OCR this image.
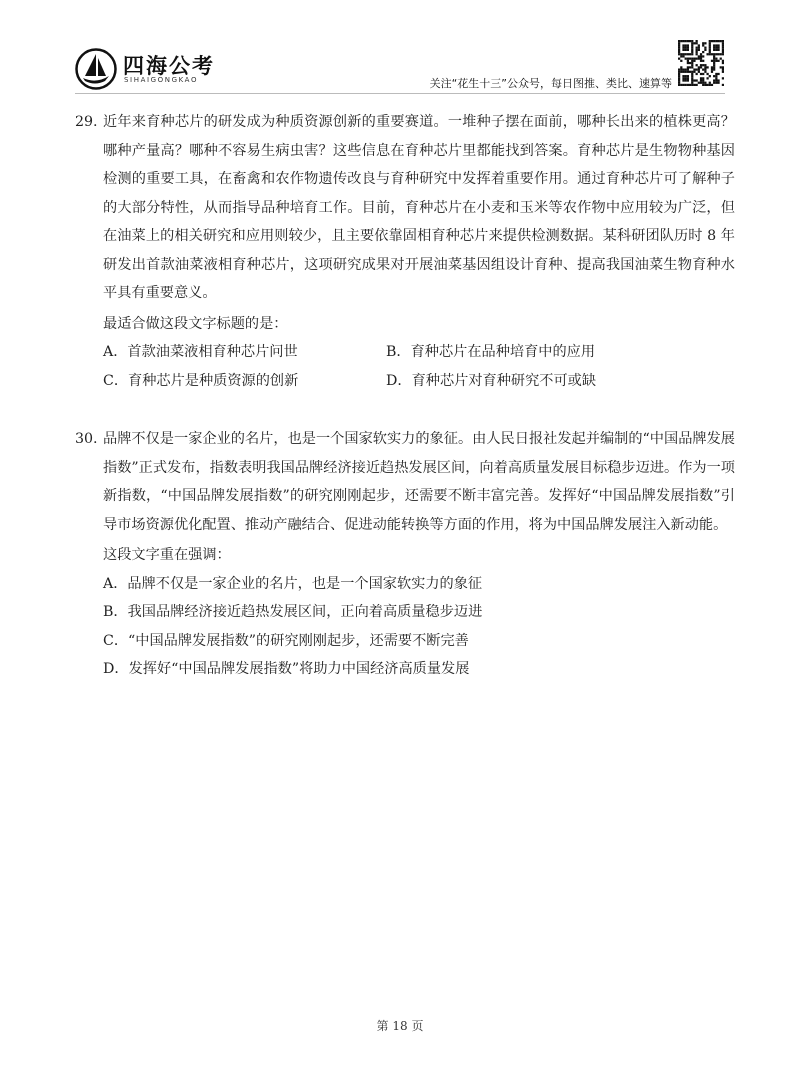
四海公考
SIHAIGONGKAO	关注“花生十三”公众号，每日图推、类比、速算等
29. 近年来育种芯片的研发成为种质资源创新的重要赛道。一堆种子摆在面前，哪种长出来的植株更高？哪种产量高？哪种不容易生病虫害？这些信息在育种芯片里都能找到答案。育种芯片是生物物种基因检测的重要工具，在畜禽和农作物遗传改良与育种研究中发挥着重要作用。通过育种芯片可了解种子的大部分特性，从而指导品种培育工作。目前，育种芯片在小麦和玉米等农作物中应用较为广泛，但在油菜上的相关研究和应用则较少，且主要依靠固相育种芯片来提供检测数据。某科研团队历时 8 年研发出首款油菜液相育种芯片，这项研究成果对开展油菜基因组设计育种、提高我国油菜生物育种水平具有重要意义。
最适合做这段文字标题的是：
A．首款油菜液相育种芯片问世	B．育种芯片在品种培育中的应用
C．育种芯片是种质资源的创新	D．育种芯片对育种研究不可或缺
30. 品牌不仅是一家企业的名片，也是一个国家软实力的象征。由人民日报社发起并编制的“中国品牌发展指数”正式发布，指数表明我国品牌经济接近趋热发展区间，向着高质量发展目标稳步迈进。作为一项新指数，“中国品牌发展指数”的研究刚刚起步，还需要不断丰富完善。发挥好“中国品牌发展指数”引导市场资源优化配置、推动产融结合、促进动能转换等方面的作用，将为中国品牌发展注入新动能。
这段文字重在强调：
A．品牌不仅是一家企业的名片，也是一个国家软实力的象征
B．我国品牌经济接近趋热发展区间，正向着高质量稳步迈进
C．“中国品牌发展指数”的研究刚刚起步，还需要不断完善
D．发挥好“中国品牌发展指数”将助力中国经济高质量发展
第 18 页
